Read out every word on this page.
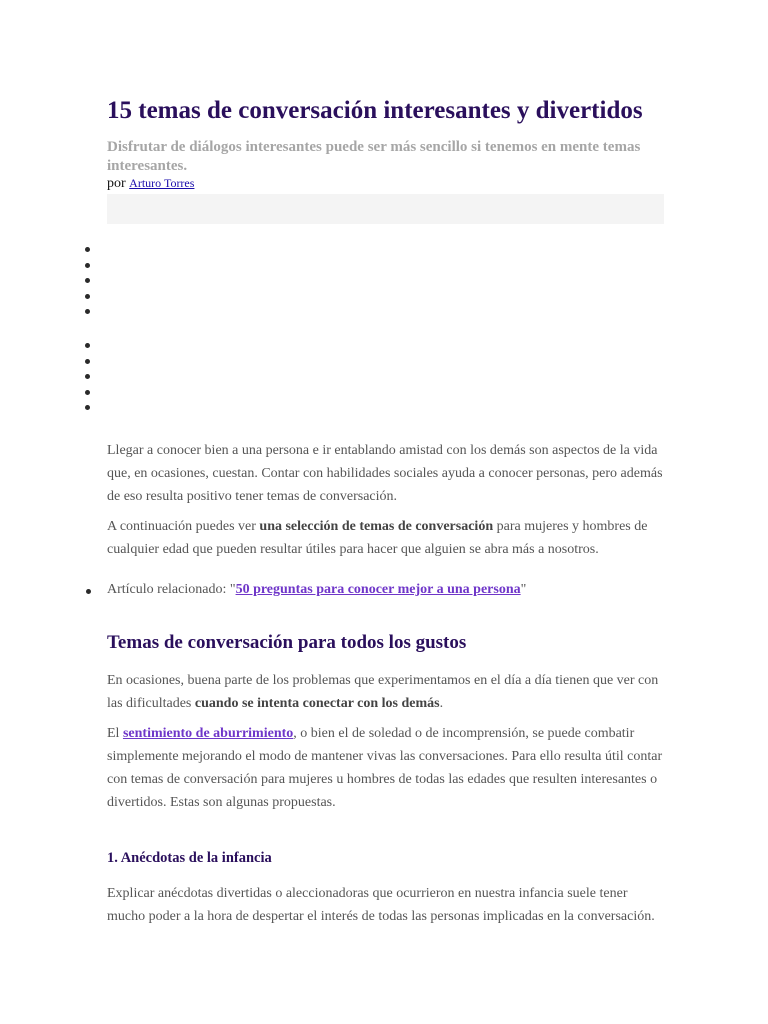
15 temas de conversación interesantes y divertidos

Disfrutar de diálogos interesantes puede ser más sencillo si tenemos en mente temas interesantes.

por Arturo Torres

Llegar a conocer bien a una persona e ir entablando amistad con los demás son aspectos de la vida que, en ocasiones, cuestan. Contar con habilidades sociales ayuda a conocer personas, pero además de eso resulta positivo tener temas de conversación.

A continuación puedes ver una selección de temas de conversación para mujeres y hombres de cualquier edad que pueden resultar útiles para hacer que alguien se abra más a nosotros.

Artículo relacionado: "50 preguntas para conocer mejor a una persona"
Temas de conversación para todos los gustos

En ocasiones, buena parte de los problemas que experimentamos en el día a día tienen que ver con las dificultades cuando se intenta conectar con los demás.

El sentimiento de aburrimiento, o bien el de soledad o de incomprensión, se puede combatir simplemente mejorando el modo de mantener vivas las conversaciones. Para ello resulta útil contar con temas de conversación para mujeres u hombres de todas las edades que resulten interesantes o divertidos. Estas son algunas propuestas.

1. Anécdotas de la infancia

Explicar anécdotas divertidas o aleccionadoras que ocurrieron en nuestra infancia suele tener mucho poder a la hora de despertar el interés de todas las personas implicadas en la conversación.
